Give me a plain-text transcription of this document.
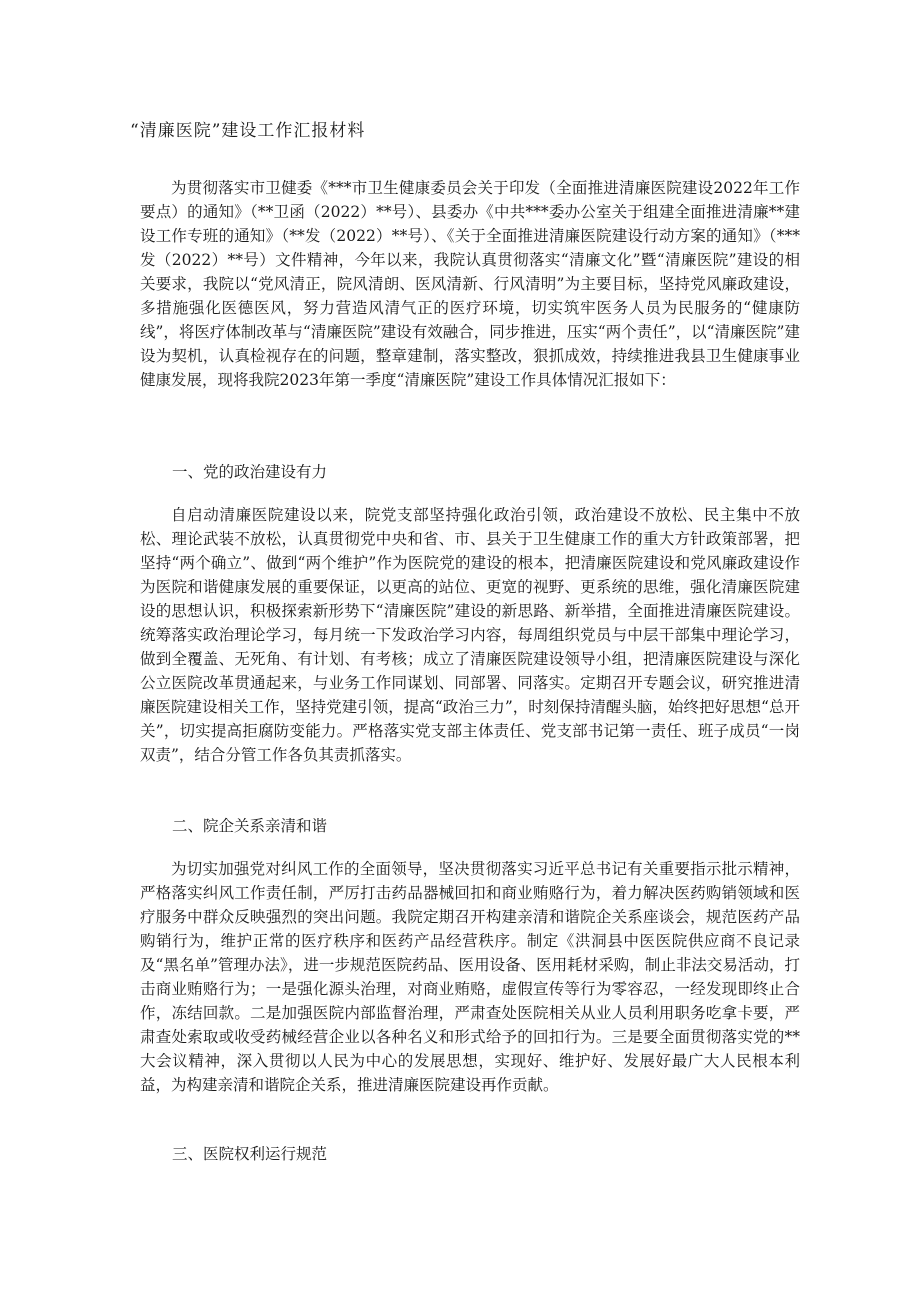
“清廉医院”建设工作汇报材料

为贯彻落实市卫健委《***市卫生健康委员会关于印发（全面推进清廉医院建设2022年工作要点）的通知》（**卫函（2022）**号）、县委办《中共***委办公室关于组建全面推进清廉**建设工作专班的通知》（**发（2022）**号）、《关于全面推进清廉医院建设行动方案的通知》（***发（2022）**号）文件精神，今年以来，我院认真贯彻落实“清廉文化”暨“清廉医院”建设的相关要求，我院以“党风清正，院风清朗、医风清新、行风清明”为主要目标，坚持党风廉政建设，多措施强化医德医风，努力营造风清气正的医疗环境，切实筑牢医务人员为民服务的“健康防线”，将医疗体制改革与“清廉医院”建设有效融合，同步推进，压实“两个责任”，以“清廉医院”建设为契机，认真检视存在的问题，整章建制，落实整改，狠抓成效，持续推进我县卫生健康事业健康发展，现将我院2023年第一季度“清廉医院”建设工作具体情况汇报如下：

一、党的政治建设有力

自启动清廉医院建设以来，院党支部坚持强化政治引领，政治建设不放松、民主集中不放松、理论武装不放松，认真贯彻党中央和省、市、县关于卫生健康工作的重大方针政策部署，把坚持“两个确立”、做到“两个维护”作为医院党的建设的根本，把清廉医院建设和党风廉政建设作为医院和谐健康发展的重要保证，以更高的站位、更宽的视野、更系统的思维，强化清廉医院建设的思想认识，积极探索新形势下“清廉医院”建设的新思路、新举措，全面推进清廉医院建设。统筹落实政治理论学习，每月统一下发政治学习内容，每周组织党员与中层干部集中理论学习，做到全覆盖、无死角、有计划、有考核；成立了清廉医院建设领导小组，把清廉医院建设与深化公立医院改革贯通起来，与业务工作同谋划、同部署、同落实。定期召开专题会议，研究推进清廉医院建设相关工作，坚持党建引领，提高“政治三力”，时刻保持清醒头脑，始终把好思想“总开关”，切实提高拒腐防变能力。严格落实党支部主体责任、党支部书记第一责任、班子成员“一岗双责”，结合分管工作各负其责抓落实。

二、院企关系亲清和谐

为切实加强党对纠风工作的全面领导，坚决贯彻落实习近平总书记有关重要指示批示精神，严格落实纠风工作责任制，严厉打击药品器械回扣和商业贿赂行为，着力解决医药购销领域和医疗服务中群众反映强烈的突出问题。我院定期召开构建亲清和谐院企关系座谈会，规范医药产品购销行为，维护正常的医疗秩序和医药产品经营秩序。制定《洪洞县中医医院供应商不良记录及“黑名单”管理办法》，进一步规范医院药品、医用设备、医用耗材采购，制止非法交易活动，打击商业贿赂行为；一是强化源头治理，对商业贿赂，虚假宣传等行为零容忍，一经发现即终止合作，冻结回款。二是加强医院内部监督治理，严肃查处医院相关从业人员利用职务吃拿卡要，严肃查处索取或收受药械经营企业以各种名义和形式给予的回扣行为。三是要全面贯彻落实党的**大会议精神，深入贯彻以人民为中心的发展思想，实现好、维护好、发展好最广大人民根本利益，为构建亲清和谐院企关系，推进清廉医院建设再作贡献。

三、医院权利运行规范
